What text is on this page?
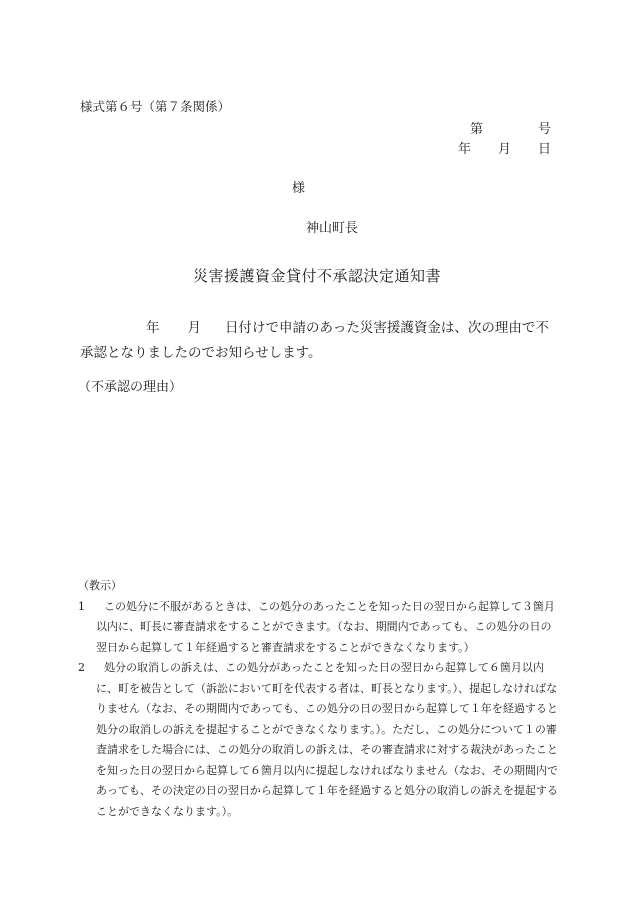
様式第６号（第７条関係）
第	号
年 月 日
様
神山町長
災害援護資金貸付不承認決定通知書
年 月 日付けで申請のあった災害援護資金は、次の理由で不承認となりましたのでお知らせします。
（不承認の理由）
（教示）
1	この処分に不服があるときは、この処分のあったことを知った日の翌日から起算して３箇月以内に、町長に審査請求をすることができます。（なお、期間内であっても、この処分の日の翌日から起算して１年経過すると審査請求をすることができなくなります。）
2	処分の取消しの訴えは、この処分があったことを知った日の翌日から起算して６箇月以内に、町を被告として（訴訟において町を代表する者は、町長となります。）、提起しなければなりません（なお、その期間内であっても、この処分の日の翌日から起算して１年を経過すると処分の取消しの訴えを提起することができなくなります。）。ただし、この処分について１の審査請求をした場合には、この処分の取消しの訴えは、その審査請求に対する裁決があったことを知った日の翌日から起算して６箇月以内に提起しなければなりません（なお、その期間内であっても、その決定の日の翌日から起算して１年を経過すると処分の取消しの訴えを提起することができなくなります。）。
